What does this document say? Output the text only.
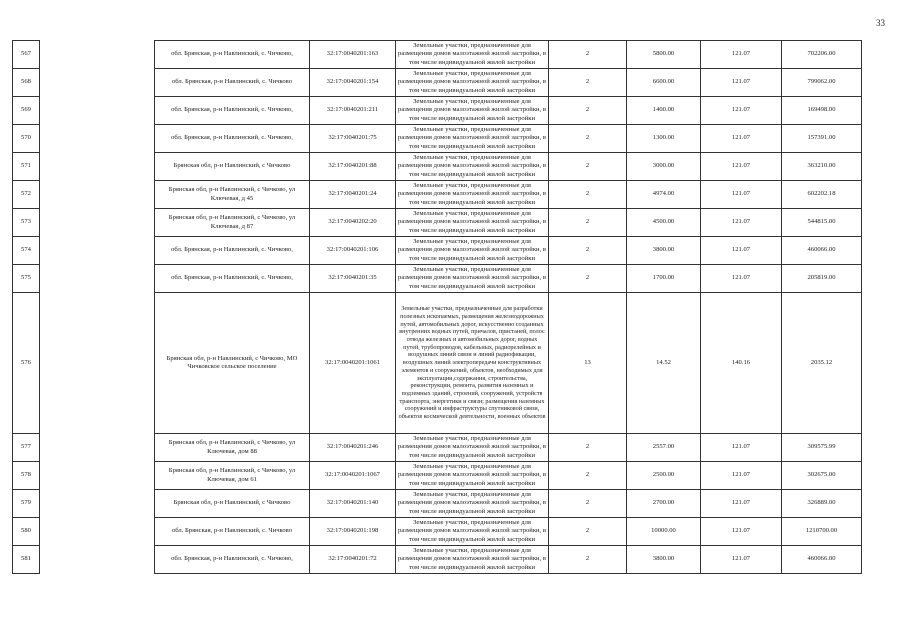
33
567		обл. Брянская, р-н Навлинский, с. Чичково,	32:17:0040201:163	Земельные участки, предназначенные для размещения домов малоэтажной жилой застройки, в том числе индивидуальной жилой застройки	2	5800.00	121.07	702206.00
568		обл. Брянская, р-н Навлинский, с. Чичково	32:17:0040201:154	Земельные участки, предназначенные для размещения домов малоэтажной жилой застройки, в том числе индивидуальной жилой застройки	2	6600.00	121.07	799062.00
569		обл. Брянская, р-н Навлинский, с. Чичково,	32:17:0040201:211	Земельные участки, предназначенные для размещения домов малоэтажной жилой застройки, в том числе индивидуальной жилой застройки	2	1400.00	121.07	169498.00
570		обл. Брянская, р-н Навлинский, с. Чичково,	32:17:0040201:75	Земельные участки, предназначенные для размещения домов малоэтажной жилой застройки, в том числе индивидуальной жилой застройки	2	1300.00	121.07	157391.00
571		Брянская обл, р-н Навлинский, с Чичково	32:17:0040201:88	Земельные участки, предназначенные для размещения домов малоэтажной жилой застройки, в том числе индивидуальной жилой застройки	2	3000.00	121.07	363210.00
572		Брянская обл, р-н Навлинский, с Чичково, ул Ключевая, д 45	32:17:0040201:24	Земельные участки, предназначенные для размещения домов малоэтажной жилой застройки, в том числе индивидуальной жилой застройки	2	4974.00	121.07	602202.18
573		Брянская обл, р-н Навлинский, с Чичково, ул Ключевая, д 87	32:17:0040202:20	Земельные участки, предназначенные для размещения домов малоэтажной жилой застройки, в том числе индивидуальной жилой застройки	2	4500.00	121.07	544815.00
574		обл. Брянская, р-н Навлинский, с. Чичково,	32:17:0040201:106	Земельные участки, предназначенные для размещения домов малоэтажной жилой застройки, в том числе индивидуальной жилой застройки	2	3800.00	121.07	460066.00
575		обл. Брянская, р-н Навлинский, с. Чичково,	32:17:0040201:35	Земельные участки, предназначенные для размещения домов малоэтажной жилой застройки, в том числе индивидуальной жилой застройки	2	1700.00	121.07	205819.00
576		Брянская обл, р-н Навлинский, с Чичково, МО Чичковское сельское поселение	32:17:0040201:1061	Земельные участки, предназначенные для разработки полезных ископаемых, размещения железнодорожных путей, автомобильных дорог, искусственно созданных внутренних водных путей, причалов, пристаней, полос отвода железных и автомобильных дорог, водных путей, трубопроводов, кабельных, радиорелейных и воздушных линий связи и линий радиофикации, воздушных линий электропередачи конструктивных элементов и сооружений, объектов, необходимых для эксплуатации,содержания, строительства, реконструкции, ремонта, развития наземных и подземных зданий, строений, сооружений, устройств транспорта, энергетики и связи; размещения наземных сооружений и инфраструктуры спутниковой связи, объектов космической деятельности, военных объектов	13	14.52	140.16	2035.12
577		Брянская обл, р-н Навлинский, с Чичково, ул Ключевая, дом 88	32:17:0040201:246	Земельные участки, предназначенные для размещения домов малоэтажной жилой застройки, в том числе индивидуальной жилой застройки	2	2557.00	121.07	309575.99
578		Брянская обл, р-н Навлинский, с Чичково, ул Ключевая, дом 61	32:17:0040201:1067	Земельные участки, предназначенные для размещения домов малоэтажной жилой застройки, в том числе индивидуальной жилой застройки	2	2500.00	121.07	302675.00
579		Брянская обл, р-н Навлинский, с Чичково	32:17:0040201:140	Земельные участки, предназначенные для размещения домов малоэтажной жилой застройки, в том числе индивидуальной жилой застройки	2	2700.00	121.07	326889.00
580		обл. Брянская, р-н Навлинский, с. Чичково	32:17:0040201:198	Земельные участки, предназначенные для размещения домов малоэтажной жилой застройки, в том числе индивидуальной жилой застройки	2	10000.00	121.07	1210700.00
581		обл. Брянская, р-н Навлинский, с. Чичково,	32:17:0040201:72	Земельные участки, предназначенные для размещения домов малоэтажной жилой застройки, в том числе индивидуальной жилой застройки	2	3800.00	121.07	460066.00
